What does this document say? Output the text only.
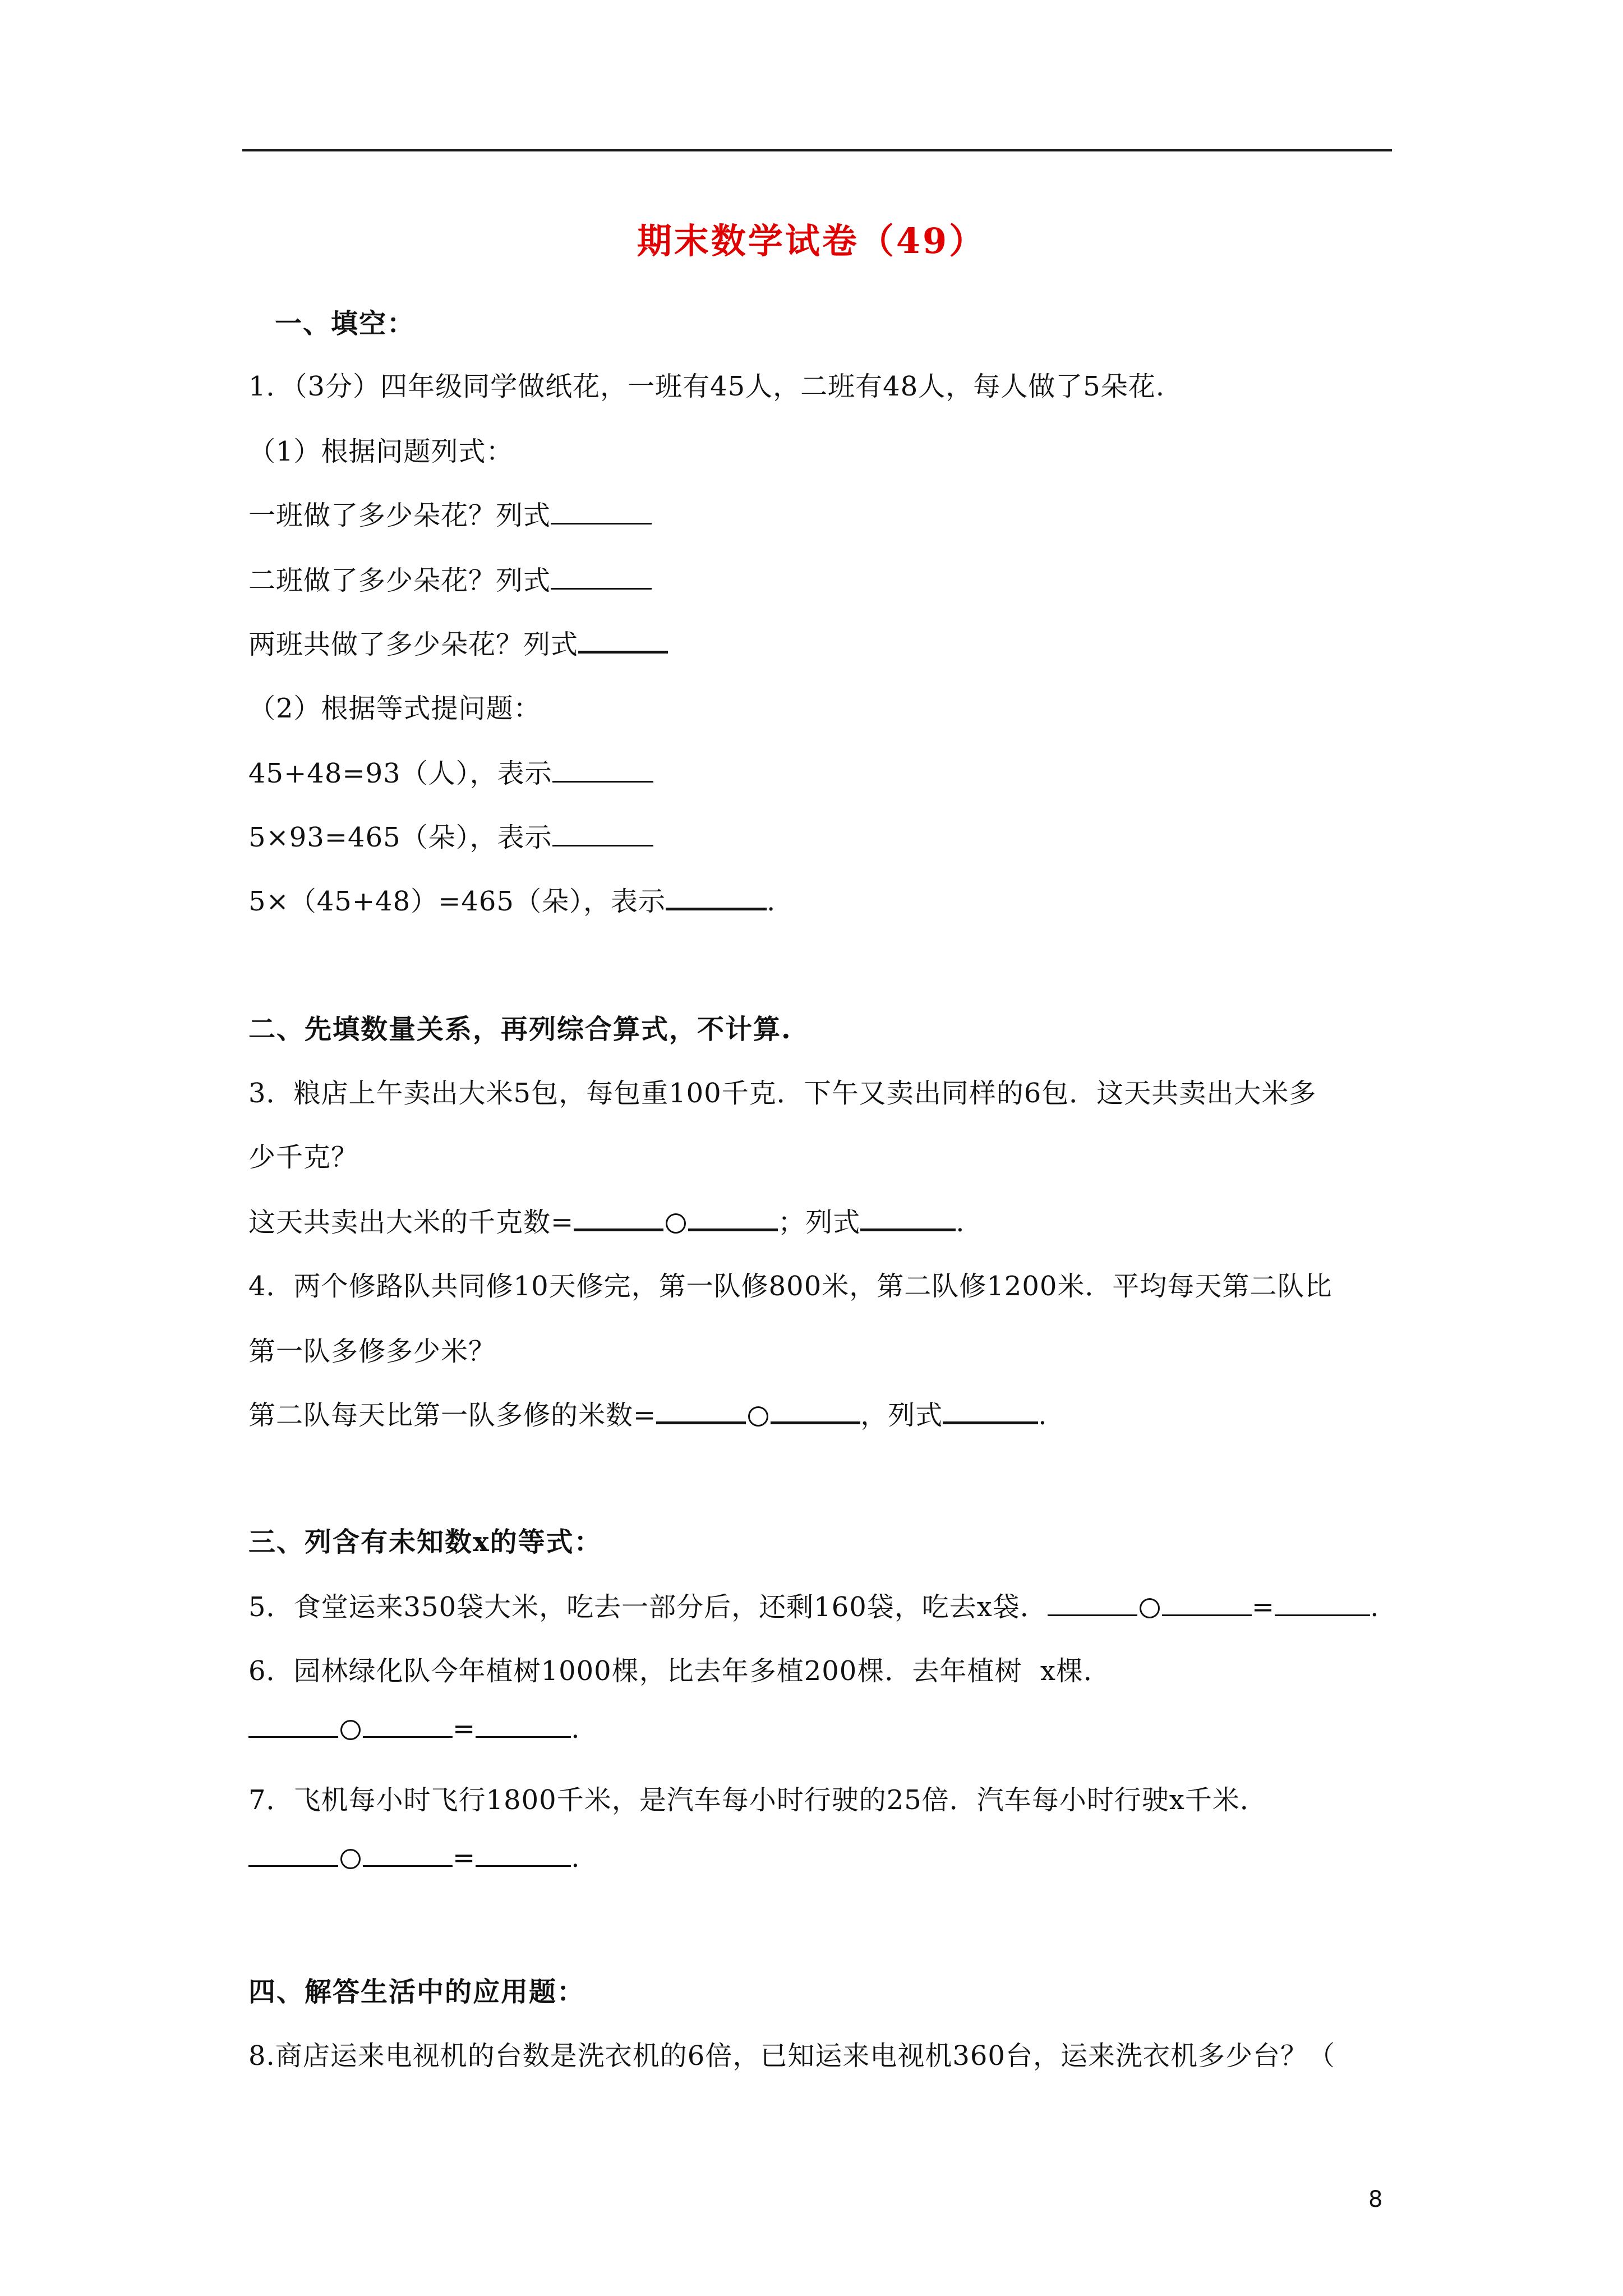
期末数学试卷（49）
一、填空：
1．（3分）四年级同学做纸花，一班有45人，二班有48人，每人做了5朵花.
（1）根据问题列式：
一班做了多少朵花？列式
二班做了多少朵花？列式
两班共做了多少朵花？列式
（2）根据等式提问题：
45+48=93（人），表示
5×93=465（朵），表示
5×（45+48）=465（朵），表示	.
二、先填数量关系，再列综合算式，不计算.
3．粮店上午卖出大米5包，每包重100千克．下午又卖出同样的6包．这天共卖出大米多
少千克？
这天共卖出大米的千克数=	；列式	.
4．两个修路队共同修10天修完，第一队修800米，第二队修1200米．平均每天第二队比
第一队多修多少米？
第二队每天比第一队多修的米数=	，列式	.
三、列含有未知数x的等式：
5．食堂运来350袋大米，吃去一部分后，还剩160袋，吃去x袋．	=	.
6．园林绿化队今年植树1000棵，比去年多植200棵．去年植树  x棵．
=	.
7．飞机每小时飞行1800千米，是汽车每小时行驶的25倍．汽车每小时行驶x千米．
=	.
四、解答生活中的应用题：
8.商店运来电视机的台数是洗衣机的6倍，已知运来电视机360台，运来洗衣机多少台？（
8
